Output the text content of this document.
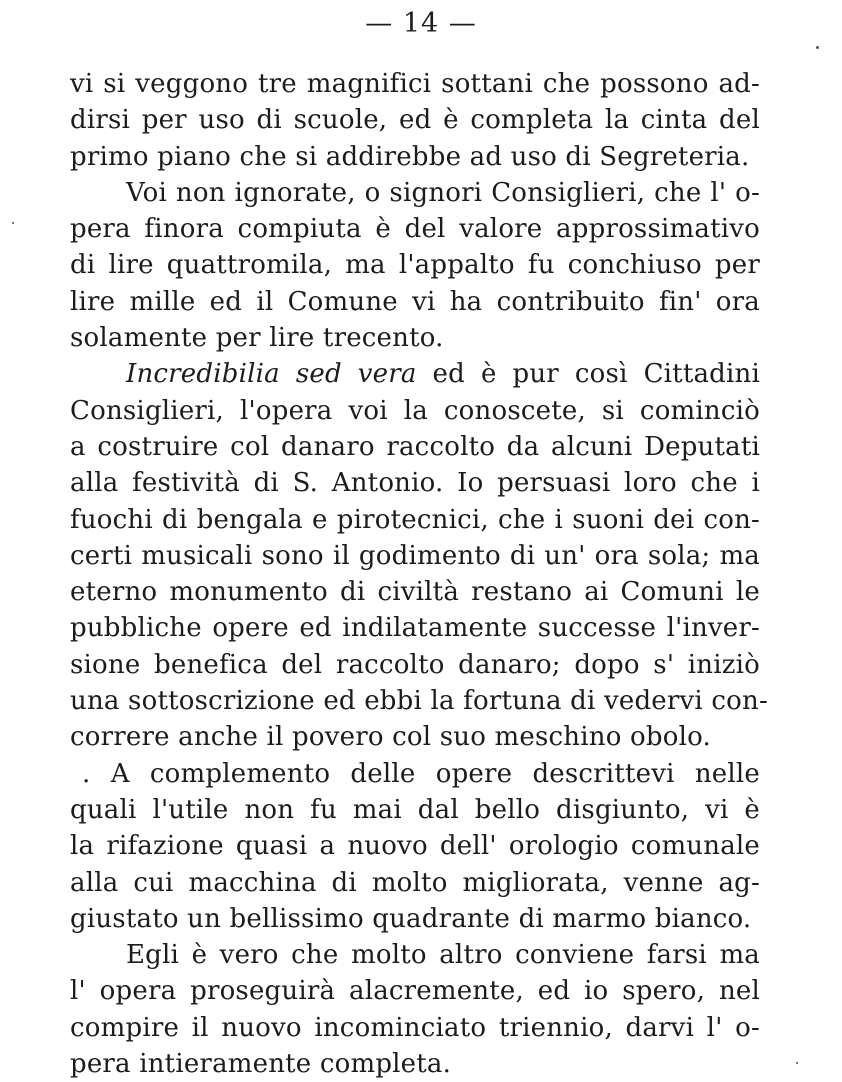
— 14 —
vi si veggono tre magnifici sottani che possono ad-
dirsi per uso di scuole, ed è completa la cinta del
primo piano che si addirebbe ad uso di Segreteria.
Voi non ignorate, o signori Consiglieri, che l' o-
pera finora compiuta è del valore approssimativo
di lire quattromila, ma l'appalto fu conchiuso per
lire mille ed il Comune vi ha contribuito fin' ora
solamente per lire trecento.
Incredibilia sed vera ed è pur così Cittadini
Consiglieri, l'opera voi la conoscete, si cominciò
a costruire col danaro raccolto da alcuni Deputati
alla festività di S. Antonio. Io persuasi loro che i
fuochi di bengala e pirotecnici, che i suoni dei con-
certi musicali sono il godimento di un' ora sola; ma
eterno monumento di civiltà restano ai Comuni le
pubbliche opere ed indilatamente successe l'inver-
sione benefica del raccolto danaro; dopo s' iniziò
una sottoscrizione ed ebbi la fortuna di vedervi con-
correre anche il povero col suo meschino obolo.
. A complemento delle opere descrittevi nelle
quali l'utile non fu mai dal bello disgiunto, vi è
la rifazione quasi a nuovo dell' orologio comunale
alla cui macchina di molto migliorata, venne ag-
giustato un bellissimo quadrante di marmo bianco.
Egli è vero che molto altro conviene farsi ma
l' opera proseguirà alacremente, ed io spero, nel
compire il nuovo incominciato triennio, darvi l' o-
pera intieramente completa.
